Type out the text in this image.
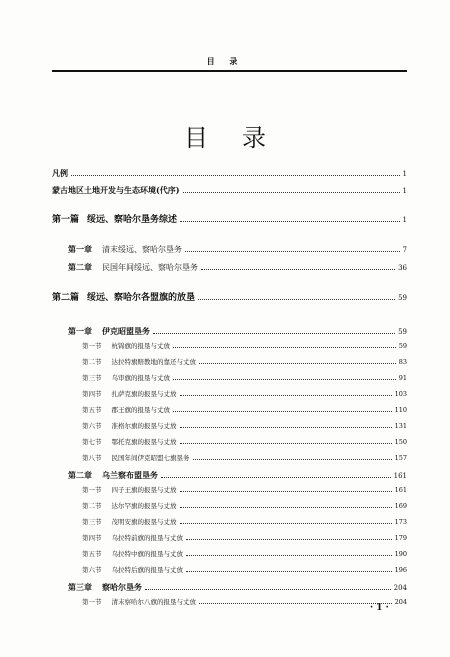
目 录
目录
凡例	1
蒙古地区土地开发与生态环境(代序)	1
第一篇 绥远、察哈尔垦务综述	1
第一章 清末绥远、察哈尔垦务	7
第二章 民国年间绥远、察哈尔垦务	36
第二篇 绥远、察哈尔各盟旗的放垦	59
第一章 伊克昭盟垦务	59
第一节 杭锦旗的报垦与丈放	59
第二节 达拉特旗赔教地的靠还与丈放	83
第三节 乌审旗的报垦与丈放	91
第四节 扎萨克旗的报垦与丈放	103
第五节 郡王旗的报垦与丈放	110
第六节 准格尔旗的报垦与丈放	131
第七节 鄂托克旗的报垦与丈放	150
第八节 民国年间伊克昭盟七旗垦务	157
第二章 乌兰察布盟垦务	161
第一节 四子王旗的报垦与丈放	161
第二节 达尔罕旗的报垦与丈放	169
第三节 茂明安旗的报垦与丈放	173
第四节 乌拉特前旗的报垦与丈放	179
第五节 乌拉特中旗的报垦与丈放	190
第六节 乌拉特后旗的报垦与丈放	196
第三章 察哈尔垦务	204
第一节 清末察哈尔八旗的报垦与丈放	204
· 1 ·
